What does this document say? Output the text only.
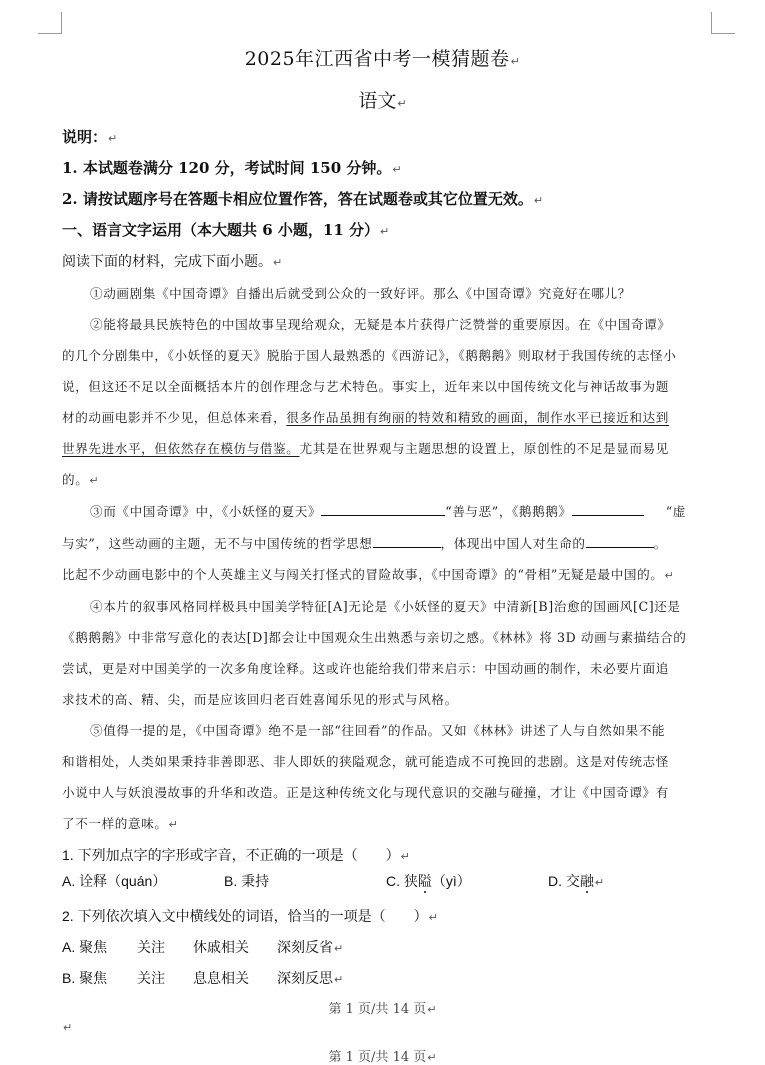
2025年江西省中考一模猜题卷↵
语文↵
说明：↵
1. 本试题卷满分 120 分，考试时间 150 分钟。↵
2. 请按试题序号在答题卡相应位置作答，答在试题卷或其它位置无效。↵
一、语言文字运用（本大题共 6 小题，11 分）↵
阅读下面的材料，完成下面小题。↵
①动画剧集《中国奇谭》自播出后就受到公众的一致好评。那么《中国奇谭》究竟好在哪儿？
②能将最具民族特色的中国故事呈现给观众，无疑是本片获得广泛赞誉的重要原因。在《中国奇谭》
的几个分剧集中，《小妖怪的夏天》脱胎于国人最熟悉的《西游记》，《鹅鹅鹅》则取材于我国传统的志怪小
说，但这还不足以全面概括本片的创作理念与艺术特色。事实上，近年来以中国传统文化与神话故事为题
材的动画电影并不少见，但总体来看，很多作品虽拥有绚丽的特效和精致的画面，制作水平已接近和达到
世界先进水平，但依然存在模仿与借鉴。尤其是在世界观与主题思想的设置上，原创性的不足是显而易见
的。↵
③而《中国奇谭》中，《小妖怪的夏天》	“善与恶”，《鹅鹅鹅》	“虚
与实”，这些动画的主题，无不与中国传统的哲学思想	，体现出中国人对生命的	。
比起不少动画电影中的个人英雄主义与闯关打怪式的冒险故事，《中国奇谭》的“骨相”无疑是最中国的。↵
④本片的叙事风格同样极具中国美学特征[A]无论是《小妖怪的夏天》中清新[B]治愈的国画风[C]还是
《鹅鹅鹅》中非常写意化的表达[D]都会让中国观众生出熟悉与亲切之感。《林林》将 3D 动画与素描结合的
尝试，更是对中国美学的一次多角度诠释。这或许也能给我们带来启示：中国动画的制作，未必要片面追
求技术的高、精、尖，而是应该回归老百姓喜闻乐见的形式与风格。
⑤值得一提的是，《中国奇谭》绝不是一部“往回看”的作品。又如《林林》讲述了人与自然如果不能
和谐相处，人类如果秉持非善即恶、非人即妖的狭隘观念，就可能造成不可挽回的悲剧。这是对传统志怪
小说中人与妖浪漫故事的升华和改造。正是这种传统文化与现代意识的交融与碰撞，才让《中国奇谭》有
了不一样的意味。↵
1. 下列加点字的字形或字音，不正确的一项是（　　）↵
A. 诠释（quán）	B. 秉持	C. 狭隘（yì）	D. 交融↵
2. 下列依次填入文中横线处的词语，恰当的一项是（　　）↵
A. 聚焦 关注 休戚相关 深刻反省↵
B. 聚焦 关注 息息相关 深刻反思↵
第 1 页/共 14 页↵
↵
第 1 页/共 14 页↵
